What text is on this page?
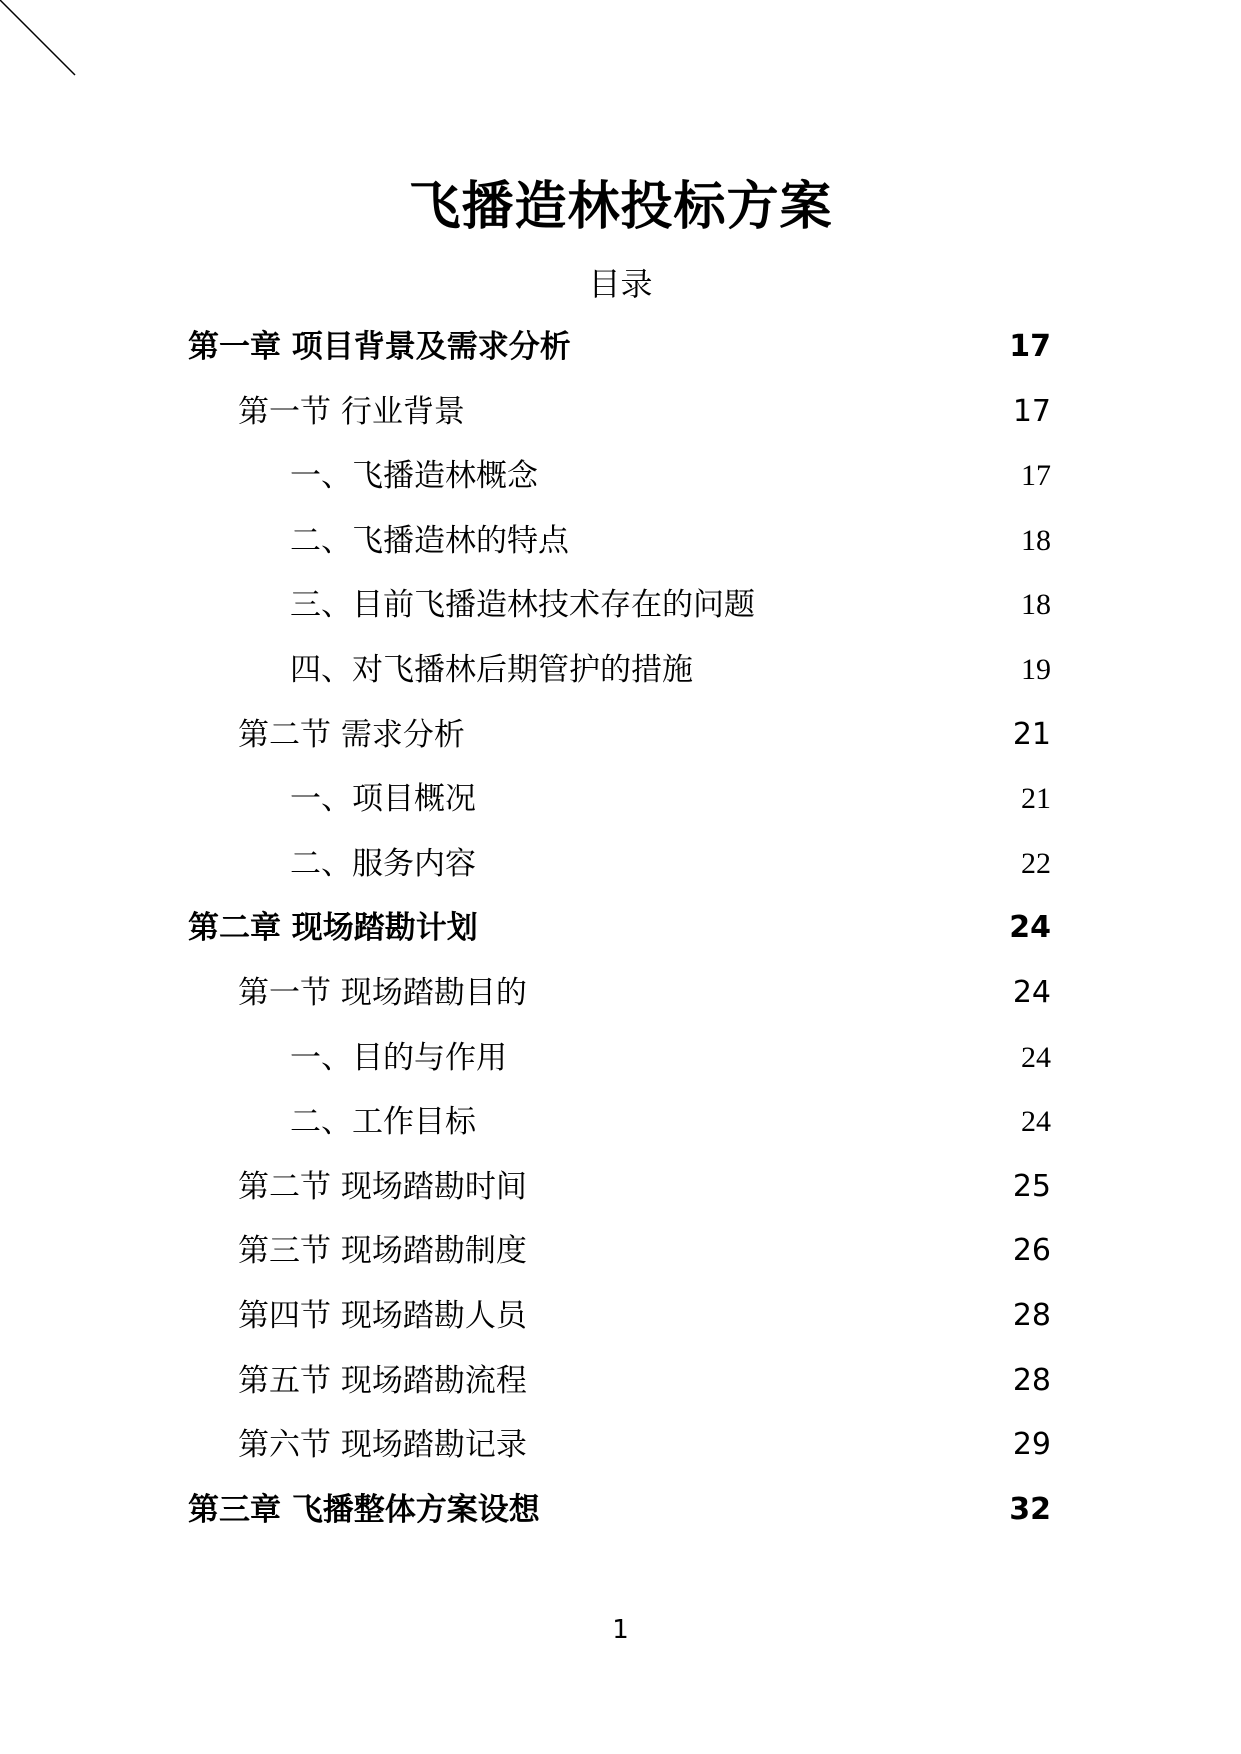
飞播造林投标方案
目录
第一章 项目背景及需求分析	17
第一节 行业背景	17
一、飞播造林概念	17
二、飞播造林的特点	18
三、目前飞播造林技术存在的问题	18
四、对飞播林后期管护的措施	19
第二节 需求分析	21
一、项目概况	21
二、服务内容	22
第二章 现场踏勘计划	24
第一节 现场踏勘目的	24
一、目的与作用	24
二、工作目标	24
第二节 现场踏勘时间	25
第三节 现场踏勘制度	26
第四节 现场踏勘人员	28
第五节 现场踏勘流程	28
第六节 现场踏勘记录	29
第三章 飞播整体方案设想	32
1
